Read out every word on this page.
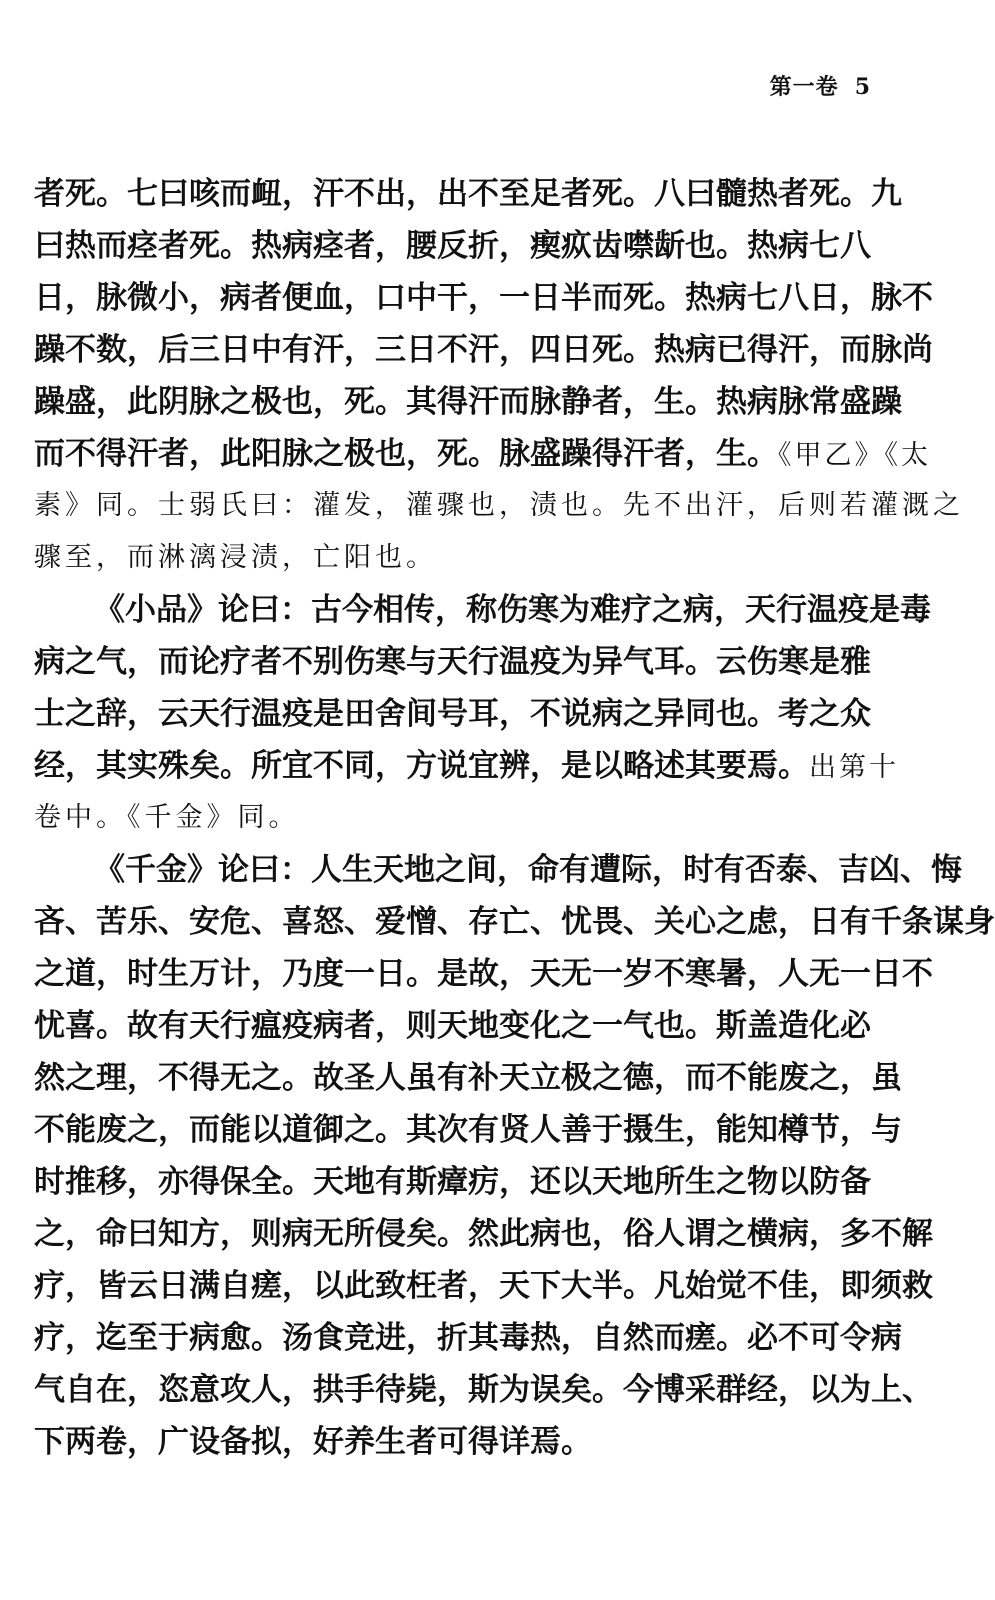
第一卷 5
者死。七曰咳而衄，汗不出，出不至足者死。八曰髓热者死。九
曰热而痉者死。热病痉者，腰反折，瘈疭齿噤龂也。热病七八
日，脉微小，病者便血，口中干，一日半而死。热病七八日，脉不
躁不数，后三日中有汗，三日不汗，四日死。热病已得汗，而脉尚
躁盛，此阴脉之极也，死。其得汗而脉静者，生。热病脉常盛躁
而不得汗者，此阳脉之极也，死。脉盛躁得汗者，生。《甲乙》《太
素》同。士弱氏曰：灌发，灌骤也，渍也。先不出汗，后则若灌溉之
骤至，而淋漓浸渍，亡阳也。
《小品》论曰：古今相传，称伤寒为难疗之病，天行温疫是毒
病之气，而论疗者不别伤寒与天行温疫为异气耳。云伤寒是雅
士之辞，云天行温疫是田舍间号耳，不说病之异同也。考之众
经，其实殊矣。所宜不同，方说宜辨，是以略述其要焉。出第十
卷中。《千金》同。
《千金》论曰：人生天地之间，命有遭际，时有否泰、吉凶、悔
吝、苦乐、安危、喜怒、爱憎、存亡、忧畏、关心之虑，日有千条谋身
之道，时生万计，乃度一日。是故，天无一岁不寒暑，人无一日不
忧喜。故有天行瘟疫病者，则天地变化之一气也。斯盖造化必
然之理，不得无之。故圣人虽有补天立极之德，而不能废之，虽
不能废之，而能以道御之。其次有贤人善于摄生，能知樽节，与
时推移，亦得保全。天地有斯瘴疠，还以天地所生之物以防备
之，命曰知方，则病无所侵矣。然此病也，俗人谓之横病，多不解
疗，皆云日满自瘥，以此致枉者，天下大半。凡始觉不佳，即须救
疗，迄至于病愈。汤食竞进，折其毒热，自然而瘥。必不可令病
气自在，恣意攻人，拱手待毙，斯为误矣。今博采群经，以为上、
下两卷，广设备拟，好养生者可得详焉。
